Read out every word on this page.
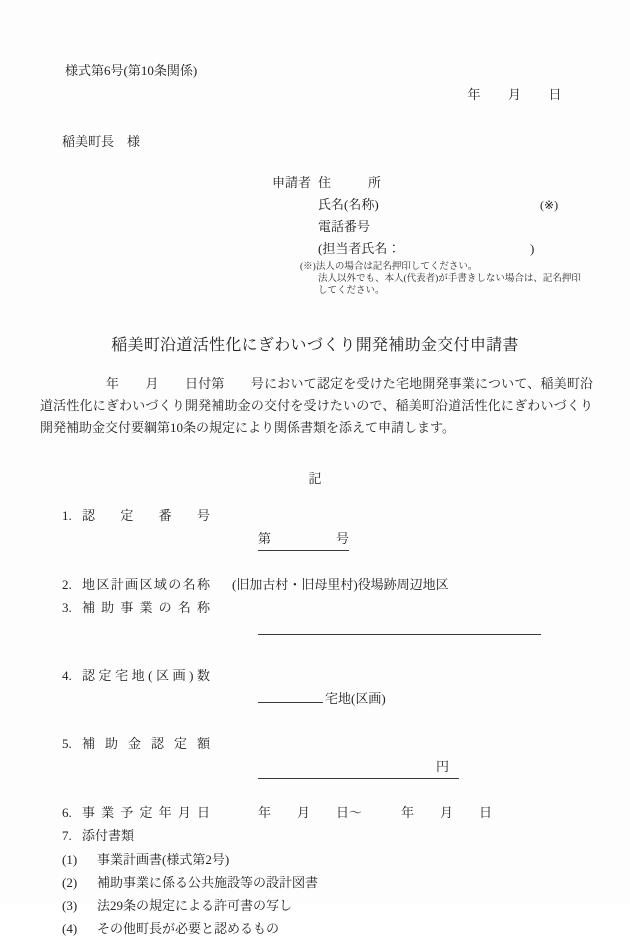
様式第6号(第10条関係)
年　　月　　日
稲美町長　様
申請者 住所
氏名(名称)	(※)
電話番号
(担当者氏名：	)
(※)法人の場合は記名押印してください。
法人以外でも、本人(代表者)が手書きしない場合は、記名押印
してください。
稲美町沿道活性化にぎわいづくり開発補助金交付申請書
　　　　　年　　月　　日付第　　号において認定を受けた宅地開発事業について、稲美町沿道活性化にぎわいづくり開発補助金の交付を受けたいので、稲美町沿道活性化にぎわいづくり開発補助金交付要綱第10条の規定により関係書類を添えて申請します。
記
1. 認定番号

第	号

2. 地区計画区域の名称 (旧加古村・旧母里村)役場跡周辺地区
3. 補助事業の名称

4. 認定宅地(区画)数

宅地(区画)

5. 補助金認定額

円

6. 事業予定年月日 　　年　　月　　日～　　　年　　月　　日
7. 添付書類
(1)	事業計画書(様式第2号)
(2)	補助事業に係る公共施設等の設計図書
(3)	法29条の規定による許可書の写し
(4)	その他町長が必要と認めるもの
